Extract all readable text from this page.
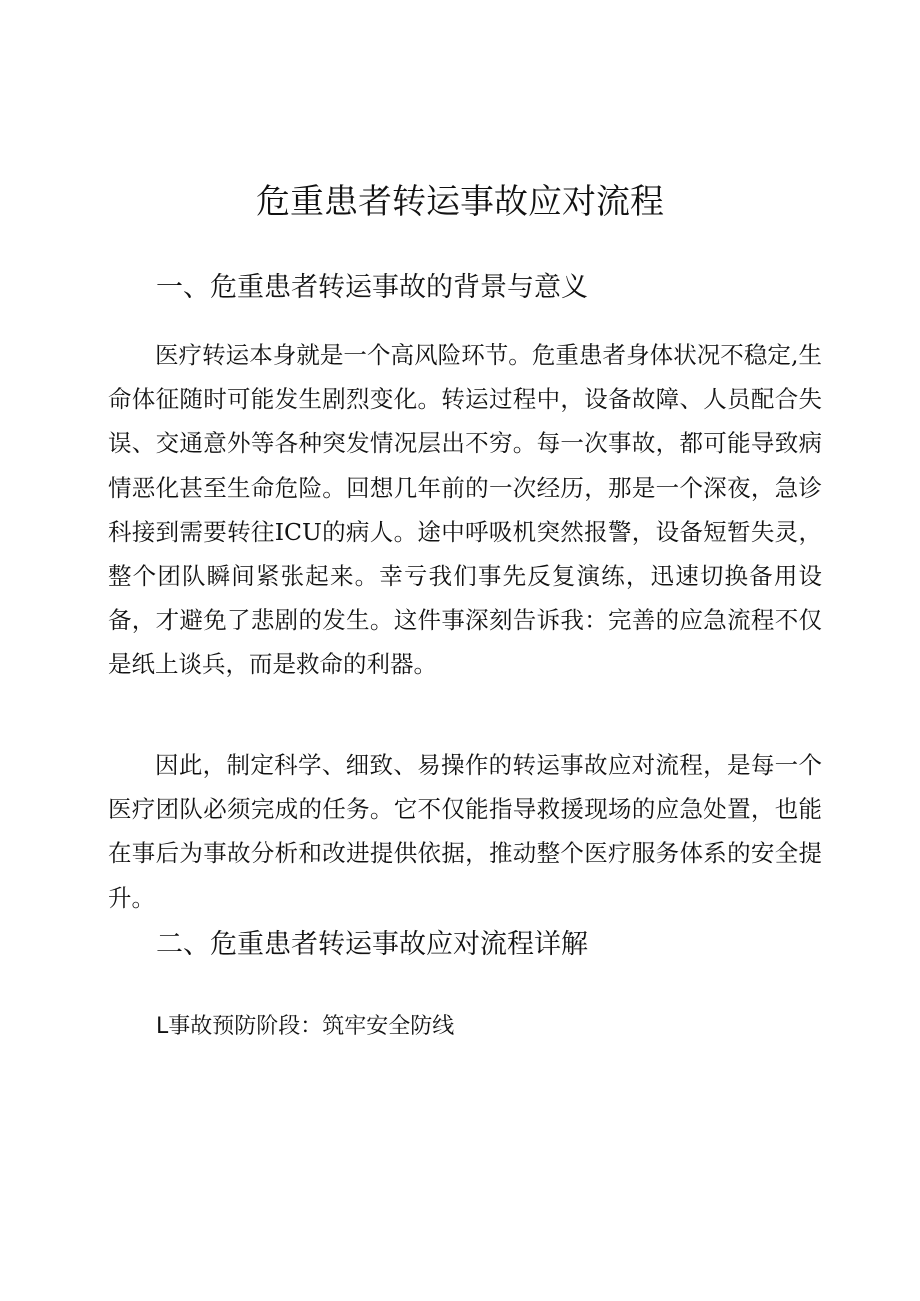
危重患者转运事故应对流程
一、危重患者转运事故的背景与意义

医疗转运本身就是一个高风险环节。危重患者身体状况不稳定,生命体征随时可能发生剧烈变化。转运过程中，设备故障、人员配合失误、交通意外等各种突发情况层出不穷。每一次事故，都可能导致病情恶化甚至生命危险。回想几年前的一次经历，那是一个深夜，急诊科接到需要转往ICU的病人。途中呼吸机突然报警，设备短暂失灵，整个团队瞬间紧张起来。幸亏我们事先反复演练，迅速切换备用设备，才避免了悲剧的发生。这件事深刻告诉我：完善的应急流程不仅是纸上谈兵，而是救命的利器。

因此，制定科学、细致、易操作的转运事故应对流程，是每一个医疗团队必须完成的任务。它不仅能指导救援现场的应急处置，也能在事后为事故分析和改进提供依据，推动整个医疗服务体系的安全提升。

二、危重患者转运事故应对流程详解
L事故预防阶段：筑牢安全防线
